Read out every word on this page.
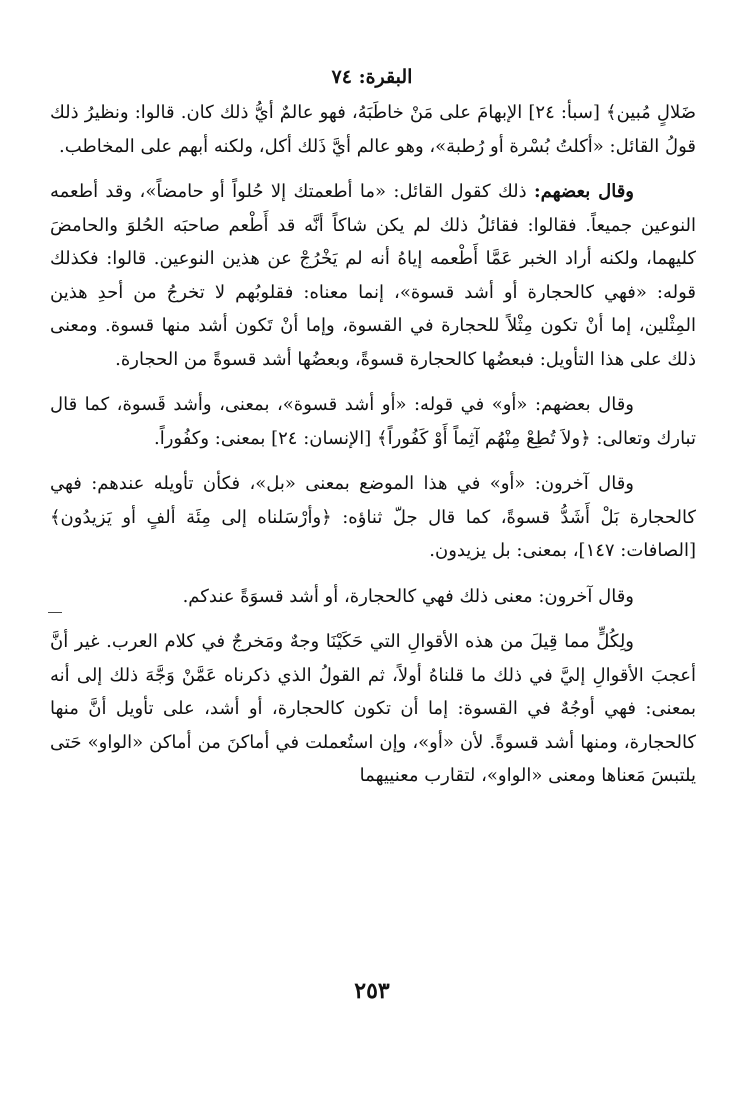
البقرة: ٧٤

ضَلالٍ مُبين﴾ [سبأ: ٢٤] الإبهامَ على مَنْ خاطَبَهُ، فهو عالمٌ أيُّ ذلك كان. قالوا: ونظيرُ ذلك قولُ القائل: «أكلتُ بُسْرة أو رُطبة»، وهو عالم أيَّ ذَلك أكل، ولكنه أبهم على المخاطب.

وقال بعضهم: ذلك كقول القائل: «ما أطعمتك إلا حُلواً أو حامضاً»، وقد أطعمه النوعين جميعاً. فقالوا: فقائلُ ذلك لم يكن شاكاً أنَّه قد أَطْعم صاحبَه الحُلوَ والحامضَ كليهما، ولكنه أراد الخبر عَمَّا أَطْعمه إياهُ أنه لم يَخْرُجْ عن هذين النوعين. قالوا: فكذلك قوله: «فهي كالحجارة أو أشد قسوة»، إنما معناه: فقلوبُهم لا تخرجُ من أحدِ هذين المِثْلين، إما أنْ تكون مِثْلاً للحجارة في القسوة، وإما أنْ تَكون أشد منها قسوة. ومعنى ذلك على هذا التأويل: فبعضُها كالحجارة قسوةً، وبعضُها أشد قسوةً من الحجارة.

وقال بعضهم: «أو» في قوله: «أو أشد قسوة»، بمعنى، وأشد قَسوة، كما قال تبارك وتعالى: ﴿ولاَ تُطِعْ مِنْهُم آثِماً أَوْ كَفُوراً﴾ [الإنسان: ٢٤] بمعنى: وكفُوراً.

وقال آخرون: «أو» في هذا الموضع بمعنى «بل»، فكأن تأويله عندهم: فهي كالحجارة بَلْ أَشَدُّ قسوةً، كما قال جلّ ثناؤه: ﴿وأرْسَلناه إلى مِئَة ألفٍ أو يَزيدُون﴾ [الصافات: ١٤٧]، بمعنى: بل يزيدون.

وقال آخرون: معنى ذلك فهي كالحجارة، أو أشد قسوَةً عندكم.

ولِكُلٍّ مما قِيلَ من هذه الأقوالِ التي حَكَيْنَا وجهٌ ومَخرجٌ في كلام العرب. غير أنَّ أعجبَ الأقوالِ إليَّ في ذلك ما قلناهُ أولاً، ثم القولُ الذي ذكرناه عَمَّنْ وَجَّهَ ذلك إلى أنه بمعنى: فهي أوجُهٌ في القسوة: إما أن تكون كالحجارة، أو أشد، على تأويل أنَّ منها كالحجارة، ومنها أشد قسوةً. لأن «أو»، وإن استُعملت في أماكنَ من أماكن «الواو» حَتى يلتبسَ مَعناها ومعنى «الواو»، لتقارب معنييهما

٢٥٣
